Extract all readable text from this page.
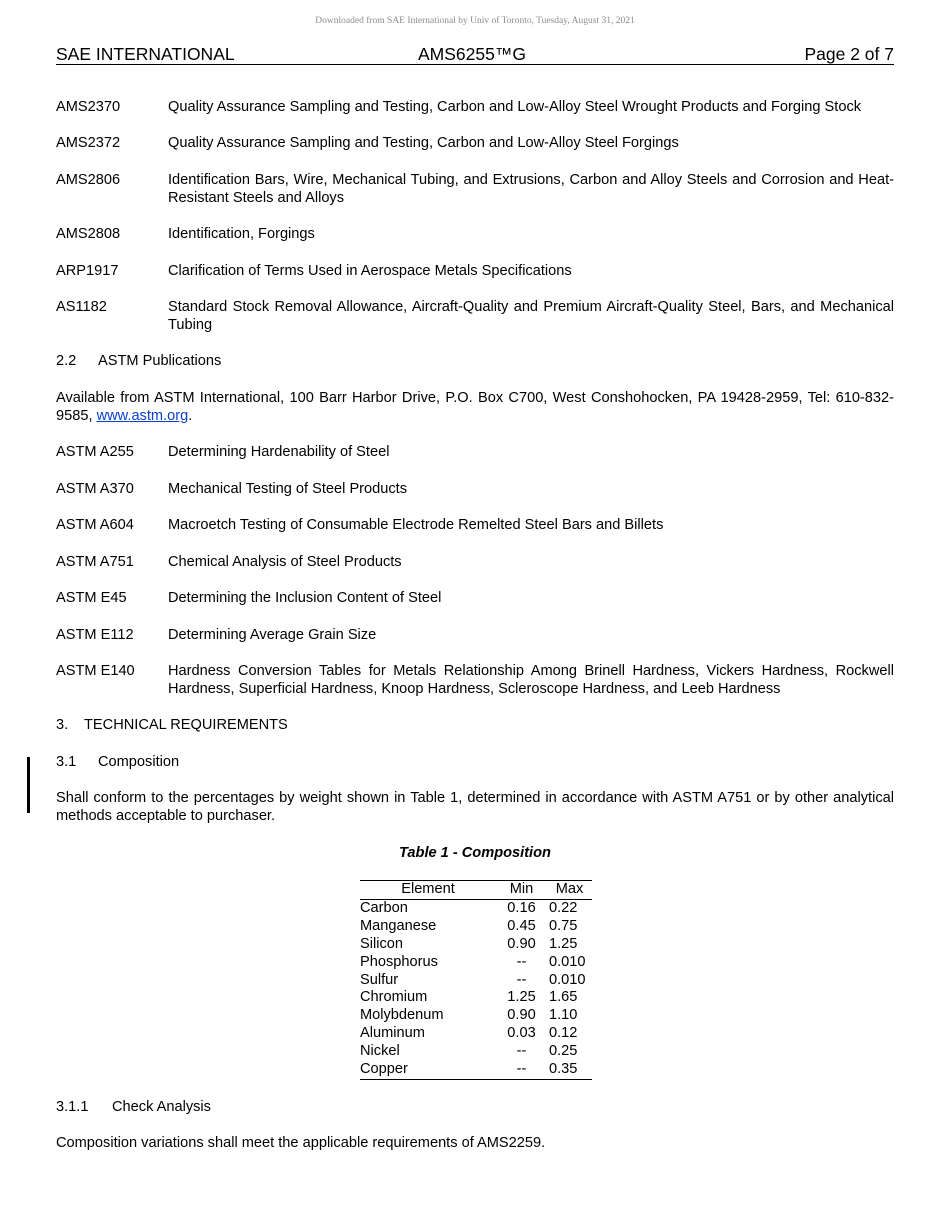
Downloaded from SAE International by Univ of Toronto, Tuesday, August 31, 2021
SAE INTERNATIONAL	AMS6255™G	Page 2 of 7
AMS2370	Quality Assurance Sampling and Testing, Carbon and Low-Alloy Steel Wrought Products and Forging Stock
AMS2372	Quality Assurance Sampling and Testing, Carbon and Low-Alloy Steel Forgings
AMS2806	Identification Bars, Wire, Mechanical Tubing, and Extrusions, Carbon and Alloy Steels and Corrosion and Heat-Resistant Steels and Alloys
AMS2808	Identification, Forgings
ARP1917	Clarification of Terms Used in Aerospace Metals Specifications
AS1182	Standard Stock Removal Allowance, Aircraft-Quality and Premium Aircraft-Quality Steel, Bars, and Mechanical Tubing
2.2 ASTM Publications
Available from ASTM International, 100 Barr Harbor Drive, P.O. Box C700, West Conshohocken, PA 19428-2959, Tel: 610-832-9585, www.astm.org.
ASTM A255	Determining Hardenability of Steel
ASTM A370	Mechanical Testing of Steel Products
ASTM A604	Macroetch Testing of Consumable Electrode Remelted Steel Bars and Billets
ASTM A751	Chemical Analysis of Steel Products
ASTM E45	Determining the Inclusion Content of Steel
ASTM E112	Determining Average Grain Size
ASTM E140	Hardness Conversion Tables for Metals Relationship Among Brinell Hardness, Vickers Hardness, Rockwell Hardness, Superficial Hardness, Knoop Hardness, Scleroscope Hardness, and Leeb Hardness
3. TECHNICAL REQUIREMENTS
3.1 Composition
Shall conform to the percentages by weight shown in Table 1, determined in accordance with ASTM A751 or by other analytical methods acceptable to purchaser.
Table 1 - Composition
Element	Min	Max
Carbon	0.16	0.22
Manganese	0.45	0.75
Silicon	0.90	1.25
Phosphorus	--	0.010
Sulfur	--	0.010
Chromium	1.25	1.65
Molybdenum	0.90	1.10
Aluminum	0.03	0.12
Nickel	--	0.25
Copper	--	0.35
3.1.1 Check Analysis
Composition variations shall meet the applicable requirements of AMS2259.
